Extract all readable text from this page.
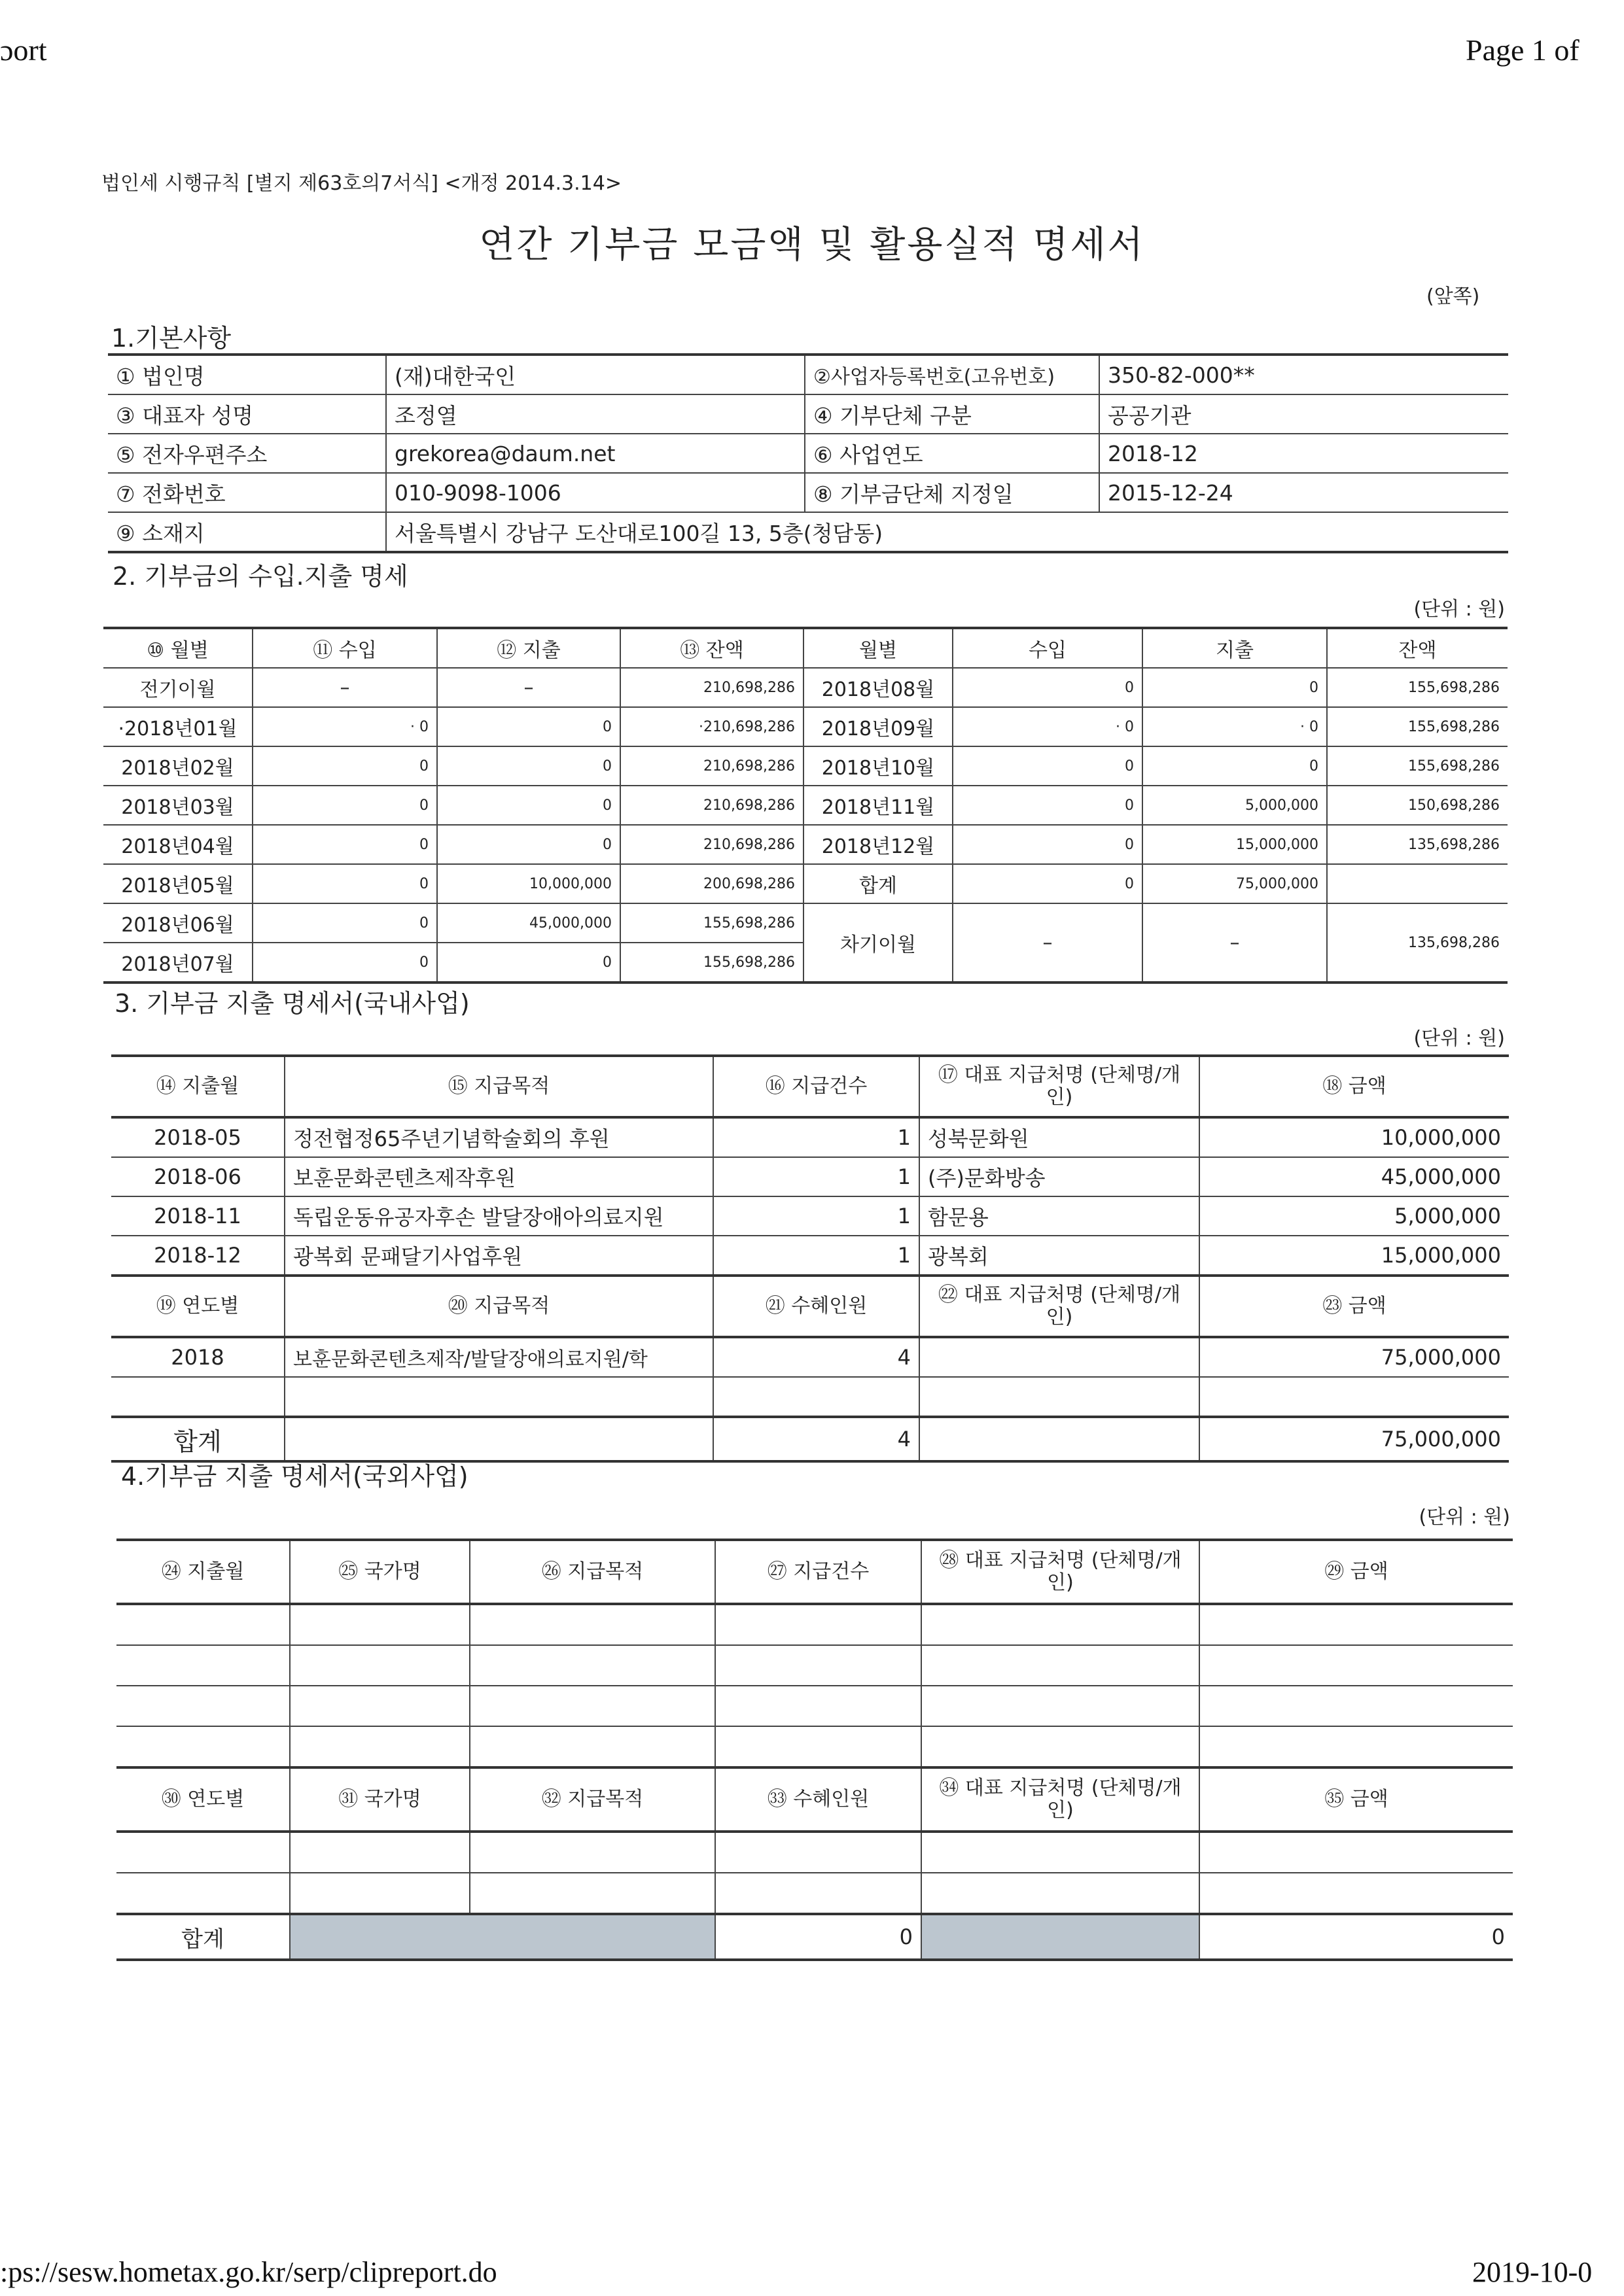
ɔort	Page 1 of
법인세 시행규칙 [별지 제63호의7서식] <개정 2014.3.14>
연간 기부금 모금액 및 활용실적 명세서
(앞쪽)
1.기본사항
① 법인명	(재)대한국인	②사업자등록번호(고유번호)	350-82-000**
③ 대표자 성명	조정열	④ 기부단체 구분	공공기관
⑤ 전자우편주소	grekorea@daum.net	⑥ 사업연도	2018-12
⑦ 전화번호	010-9098-1006	⑧ 기부금단체 지정일	2015-12-24
⑨ 소재지	서울특별시 강남구 도산대로100길 13, 5층(청담동)		
2. 기부금의 수입.지출 명세
(단위 : 원)
⑩ 월별	⑪ 수입	⑫ 지출	⑬ 잔액	월별	수입	지출	잔액
전기이월	–	–	210,698,286	2018년08월	0	0	155,698,286
·2018년01월	· 0	0	·210,698,286	2018년09월	· 0	· 0	155,698,286
2018년02월	0	0	210,698,286	2018년10월	0	0	155,698,286
2018년03월	0	0	210,698,286	2018년11월	0	5,000,000	150,698,286
2018년04월	0	0	210,698,286	2018년12월	0	15,000,000	135,698,286
2018년05월	0	10,000,000	200,698,286	합계	0	75,000,000	
2018년06월	0	45,000,000	155,698,286	차기이월	–	–	135,698,286
2018년07월	0	0	155,698,286				
3. 기부금 지출 명세서(국내사업)
(단위 : 원)
⑭ 지출월	⑮ 지급목적	⑯ 지급건수	⑰ 대표 지급처명 (단체명/개인)	⑱ 금액
2018-05	정전협정65주년기념학술회의 후원	1	성북문화원	10,000,000
2018-06	보훈문화콘텐츠제작후원	1	(주)문화방송	45,000,000
2018-11	독립운동유공자후손 발달장애아의료지원	1	함문용	5,000,000
2018-12	광복회 문패달기사업후원	1	광복회	15,000,000
⑲ 연도별	⑳ 지급목적	㉑ 수혜인원	㉒ 대표 지급처명 (단체명/개인)	㉓ 금액
2018	보훈문화콘텐츠제작/발달장애의료지원/학	4		75,000,000

합계		4		75,000,000
4.기부금 지출 명세서(국외사업)
(단위 : 원)
㉔ 지출월	㉕ 국가명	㉖ 지급목적	㉗ 지급건수	㉘ 대표 지급처명 (단체명/개인)	㉙ 금액

㉚ 연도별	㉛ 국가명	㉜ 지급목적	㉝ 수혜인원	㉞ 대표 지급처명 (단체명/개인)	㉟ 금액

합계			0		0
:ps://sesw.hometax.go.kr/serp/clipreport.do	2019-10-0
